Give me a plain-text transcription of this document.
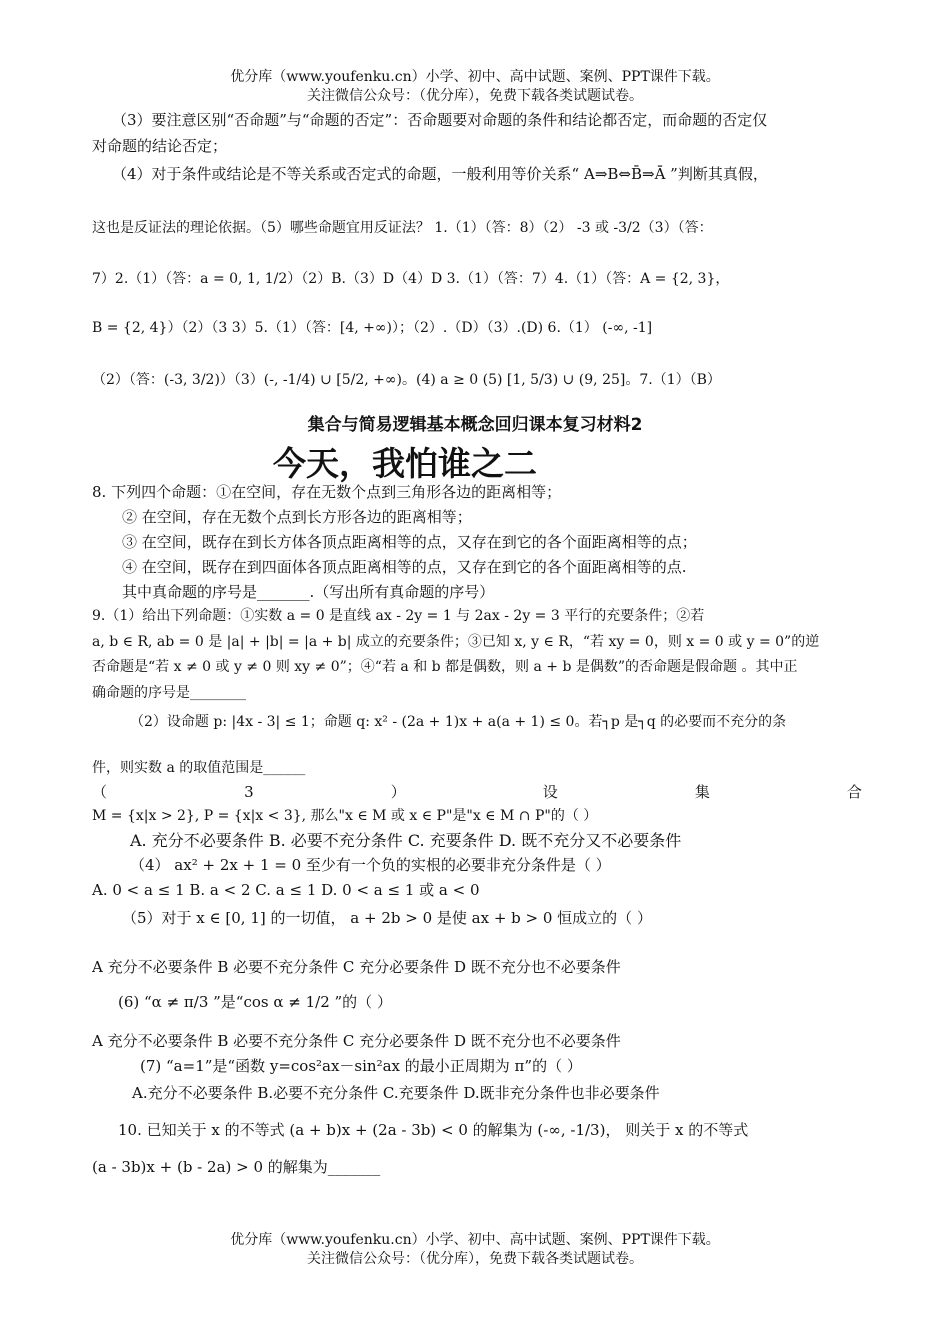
优分库（www.youfenku.cn）小学、初中、高中试题、案例、PPT课件下载。
关注微信公众号：（优分库），免费下载各类试题试卷。
（3）要注意区别“否命题”与“命题的否定”：否命题要对命题的条件和结论都否定，而命题的否定仅
对命题的结论否定；
（4）对于条件或结论是不等关系或否定式的命题，一般利用等价关系“ A⇒B⇔B̄⇒Ā ”判断其真假，
这也是反证法的理论依据。（5）哪些命题宜用反证法？ 1.（1）（答：8）（2） -3 或 -3/2（3）（答：
7）2.（1）（答：a = 0, 1, 1/2）（2）B.（3）D（4）D 3.（1）（答：7）4.（1）（答：A = {2, 3}，
B = {2, 4}）（2）（3 3）5.（1）（答：[4, +∞)）；（2）.（D）（3）.(D) 6.（1） (-∞, -1]
（2）（答：(-3, 3/2)）（3）(-, -1/4) ∪ [5/2, +∞)。(4) a ≥ 0 (5) [1, 5/3) ∪ (9, 25]。7.（1）（B）
集合与简易逻辑基本概念回归课本复习材料2
今天，我怕谁之二
8. 下列四个命题：①在空间，存在无数个点到三角形各边的距离相等；
② 在空间，存在无数个点到长方形各边的距离相等；
③ 在空间，既存在到长方体各顶点距离相等的点，又存在到它的各个面距离相等的点；
④ 在空间，既存在到四面体各顶点距离相等的点，又存在到它的各个面距离相等的点.
其中真命题的序号是_______.（写出所有真命题的序号）
9.（1）给出下列命题：①实数 a = 0 是直线 ax - 2y = 1 与 2ax - 2y = 3 平行的充要条件；②若
a, b ∈ R, ab = 0 是 |a| + |b| = |a + b| 成立的充要条件；③已知 x, y ∈ R，“若 xy = 0，则 x = 0 或 y = 0”的逆
否命题是“若 x ≠ 0 或 y ≠ 0 则 xy ≠ 0”；④“若 a 和 b 都是偶数，则 a + b 是偶数”的否命题是假命题 。其中正
确命题的序号是________
（2）设命题 p: |4x - 3| ≤ 1；命题 q: x² - (2a + 1)x + a(a + 1) ≤ 0。若┐p 是┐q 的必要而不充分的条
件，则实数 a 的取值范围是______
（	3	）	设	集	合
M = {x|x > 2}, P = {x|x < 3}, 那么"x ∈ M 或 x ∈ P"是"x ∈ M ∩ P"的（ ）
A. 充分不必要条件 B. 必要不充分条件 C. 充要条件 D. 既不充分又不必要条件
（4） ax² + 2x + 1 = 0 至少有一个负的实根的必要非充分条件是（ ）
A. 0 < a ≤ 1 B. a < 2 C. a ≤ 1 D. 0 < a ≤ 1 或 a < 0
（5）对于 x ∈ [0, 1] 的一切值， a + 2b > 0 是使 ax + b > 0 恒成立的（ ）
A 充分不必要条件 B 必要不充分条件 C 充分必要条件 D 既不充分也不必要条件
(6) “α ≠ π/3 ”是“cos α ≠ 1/2 ”的（ ）
A 充分不必要条件 B 必要不充分条件 C 充分必要条件 D 既不充分也不必要条件
(7) “a=1”是“函数 y=cos²ax－sin²ax 的最小正周期为 π”的（ ）
A.充分不必要条件 B.必要不充分条件 C.充要条件 D.既非充分条件也非必要条件
10. 已知关于 x 的不等式 (a + b)x + (2a - 3b) < 0 的解集为 (-∞, -1/3)， 则关于 x 的不等式
(a - 3b)x + (b - 2a) > 0 的解集为_______
优分库（www.youfenku.cn）小学、初中、高中试题、案例、PPT课件下载。
关注微信公众号：（优分库），免费下载各类试题试卷。
